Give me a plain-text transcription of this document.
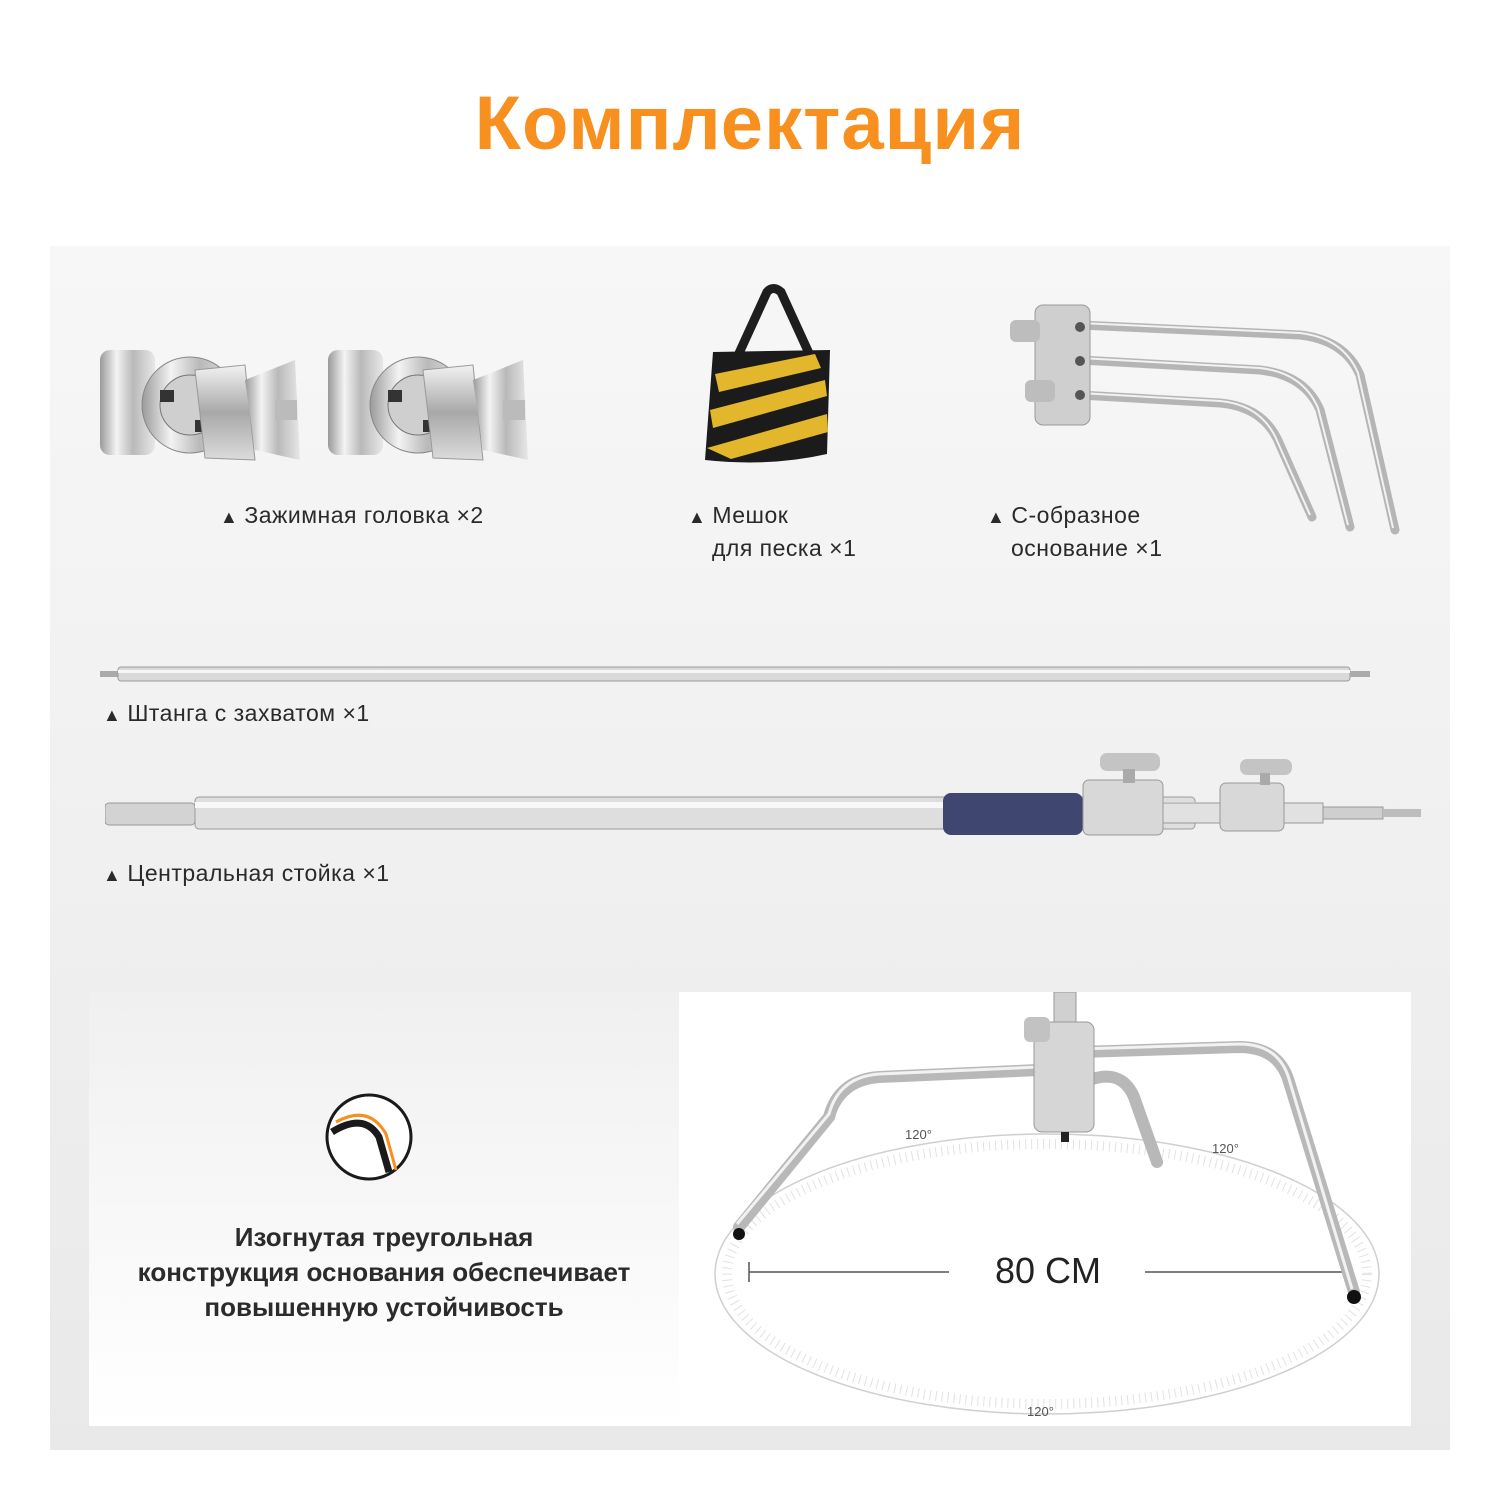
Комплектация
▲ Зажимная головка ×2	▲ Мешок
для песка ×1
▲ С-образное
основание ×1
▲ Штанга с захватом ×1
▲ Центральная стойка ×1
Изогнутая треугольная
конструкция основания обеспечивает
повышенную устойчивость
80 CM
120°
120°
120°
